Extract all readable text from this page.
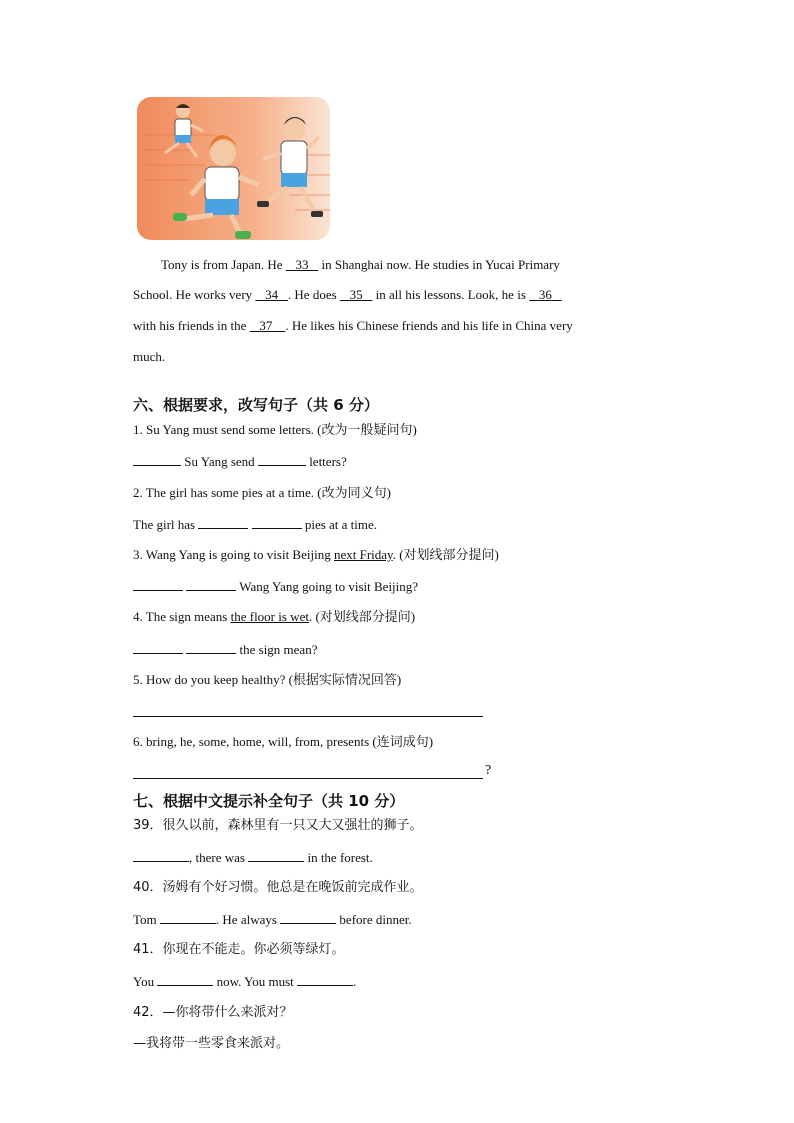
Tony is from Japan. He    33    in Shanghai now. He studies in Yucai Primary
School. He works very    34 . He does    35    in all his lessons. Look, he is    36
with his friends in the    37 . He likes his Chinese friends and his life in China very
much.
六、根据要求，改写句子（共 6 分）
1. Su Yang must send some letters. (改为一般疑问句)
Su Yang send	letters?
2. The girl has some pies at a time. (改为同义句)
The girl has	pies at a time.
3. Wang Yang is going to visit Beijing next Friday. (对划线部分提问)
Wang Yang going to visit Beijing?
4. The sign means the floor is wet. (对划线部分提问)
the sign mean?
5. How do you keep healthy? (根据实际情况回答)
6. bring, he, some, home, will, from, presents (连词成句)
?
七、根据中文提示补全句子（共 10 分）
39．很久以前，森林里有一只又大又强壮的狮子。
, there was	in the forest.
40．汤姆有个好习惯。他总是在晚饭前完成作业。
Tom	. He always	before dinner.
41．你现在不能走。你必须等绿灯。
You	now. You must	.
42．—你将带什么来派对？
—我将带一些零食来派对。
